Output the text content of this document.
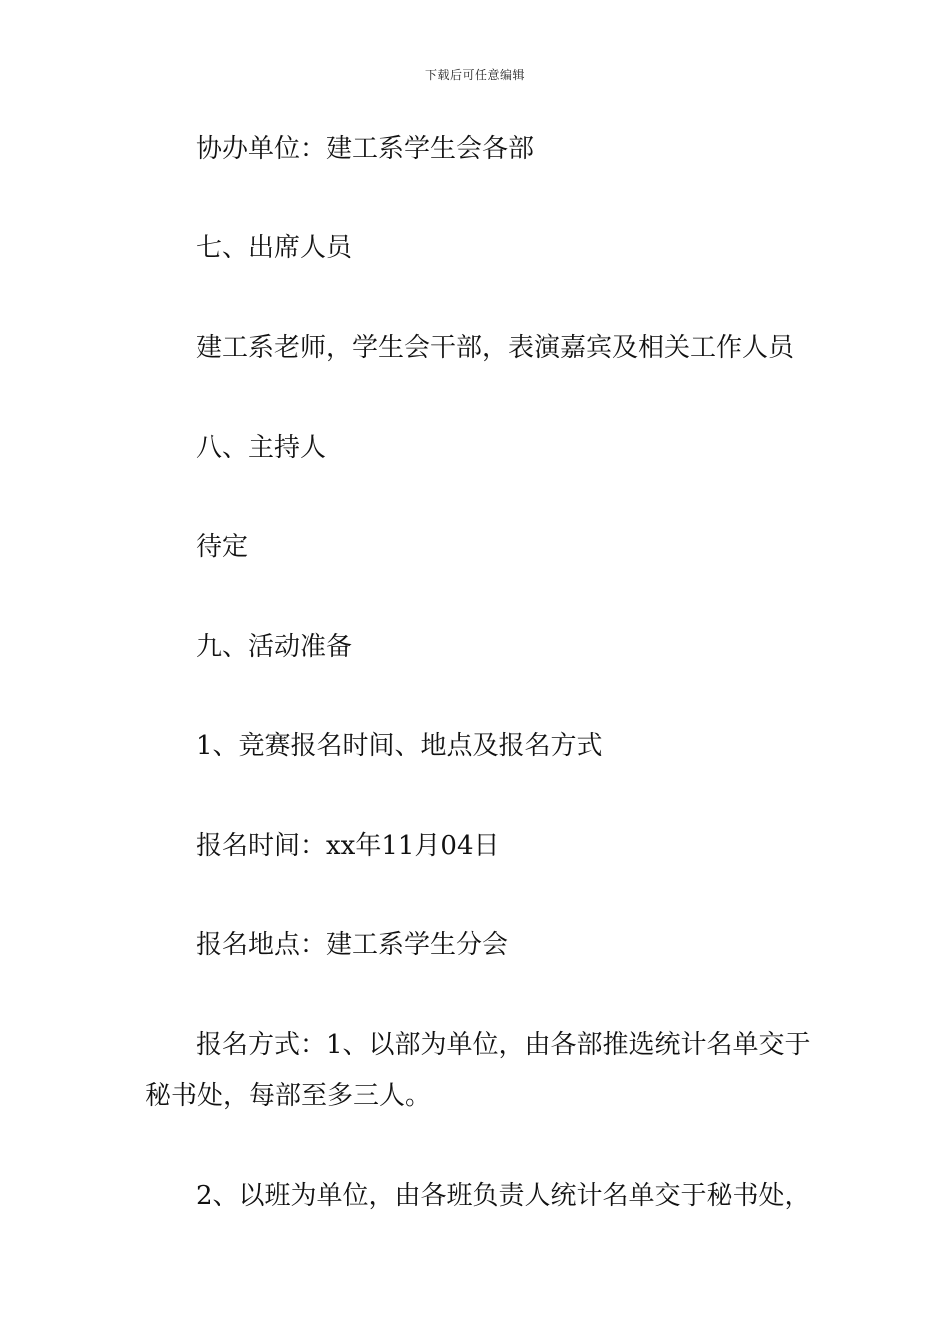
下载后可任意编辑
协办单位：建工系学生会各部
七、出席人员
建工系老师，学生会干部，表演嘉宾及相关工作人员
八、主持人
待定
九、活动准备
1、竞赛报名时间、地点及报名方式
报名时间：xx年11月04日
报名地点：建工系学生分会
报名方式：1、以部为单位，由各部推选统计名单交于
秘书处，每部至多三人。
2、以班为单位，由各班负责人统计名单交于秘书处，
